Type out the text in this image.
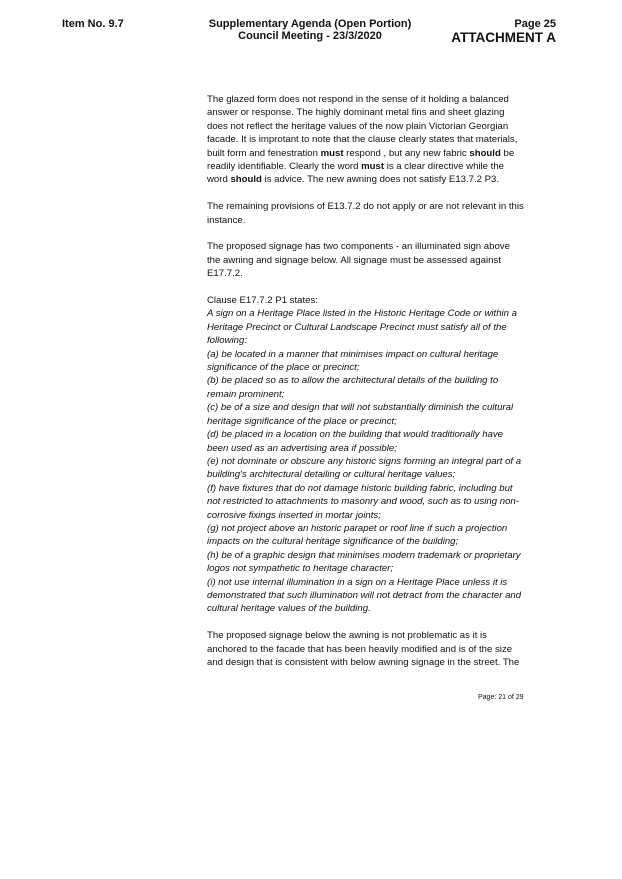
Item No. 9.7	Supplementary Agenda (Open Portion)
Council Meeting - 23/3/2020
Page 25
ATTACHMENT A

The glazed form does not respond in the sense of it holding a balanced answer or response. The highly dominant metal fins and sheet glazing does not reflect the heritage values of the now plain Victorian Georgian facade. It is improtant to note that the clause clearly states that materials, built form and fenestration must respond , but any new fabric should be readily identifiable. Clearly the word must is a clear directive while the word should is advice. The new awning does not satisfy E13.7.2 P3.

The remaining provisions of E13.7.2 do not apply or are not relevant in this instance.

The proposed signage has two components - an illuminated sign above the awning and signage below. All signage must be assessed against E17.7.2.

Clause E17.7.2 P1 states:
A sign on a Heritage Place listed in the Historic Heritage Code or within a Heritage Precinct or Cultural Landscape Precinct must satisfy all of the following:
(a) be located in a manner that minimises impact on cultural heritage significance of the place or precinct;
(b) be placed so as to allow the architectural details of the building to remain prominent;
(c) be of a size and design that will not substantially diminish the cultural heritage significance of the place or precinct;
(d) be placed in a location on the building that would traditionally have been used as an advertising area if possible;
(e) not dominate or obscure any historic signs forming an integral part of a building's architectural detailing or cultural heritage values;
(f) have fixtures that do not damage historic building fabric, including but not restricted to attachments to masonry and wood, such as to using non-corrosive fixings inserted in mortar joints;
(g) not project above an historic parapet or roof line if such a projection impacts on the cultural heritage significance of the building;
(h) be of a graphic design that minimises modern trademark or proprietary logos not sympathetic to heritage character;
(i) not use internal illumination in a sign on a Heritage Place unless it is demonstrated that such illumination will not detract from the character and cultural heritage values of the building.

The proposed signage below the awning is not problematic as it is anchored to the facade that has been heavily modified and is of the size and design that is consistent with below awning signage in the street. The

Page: 21 of 29
